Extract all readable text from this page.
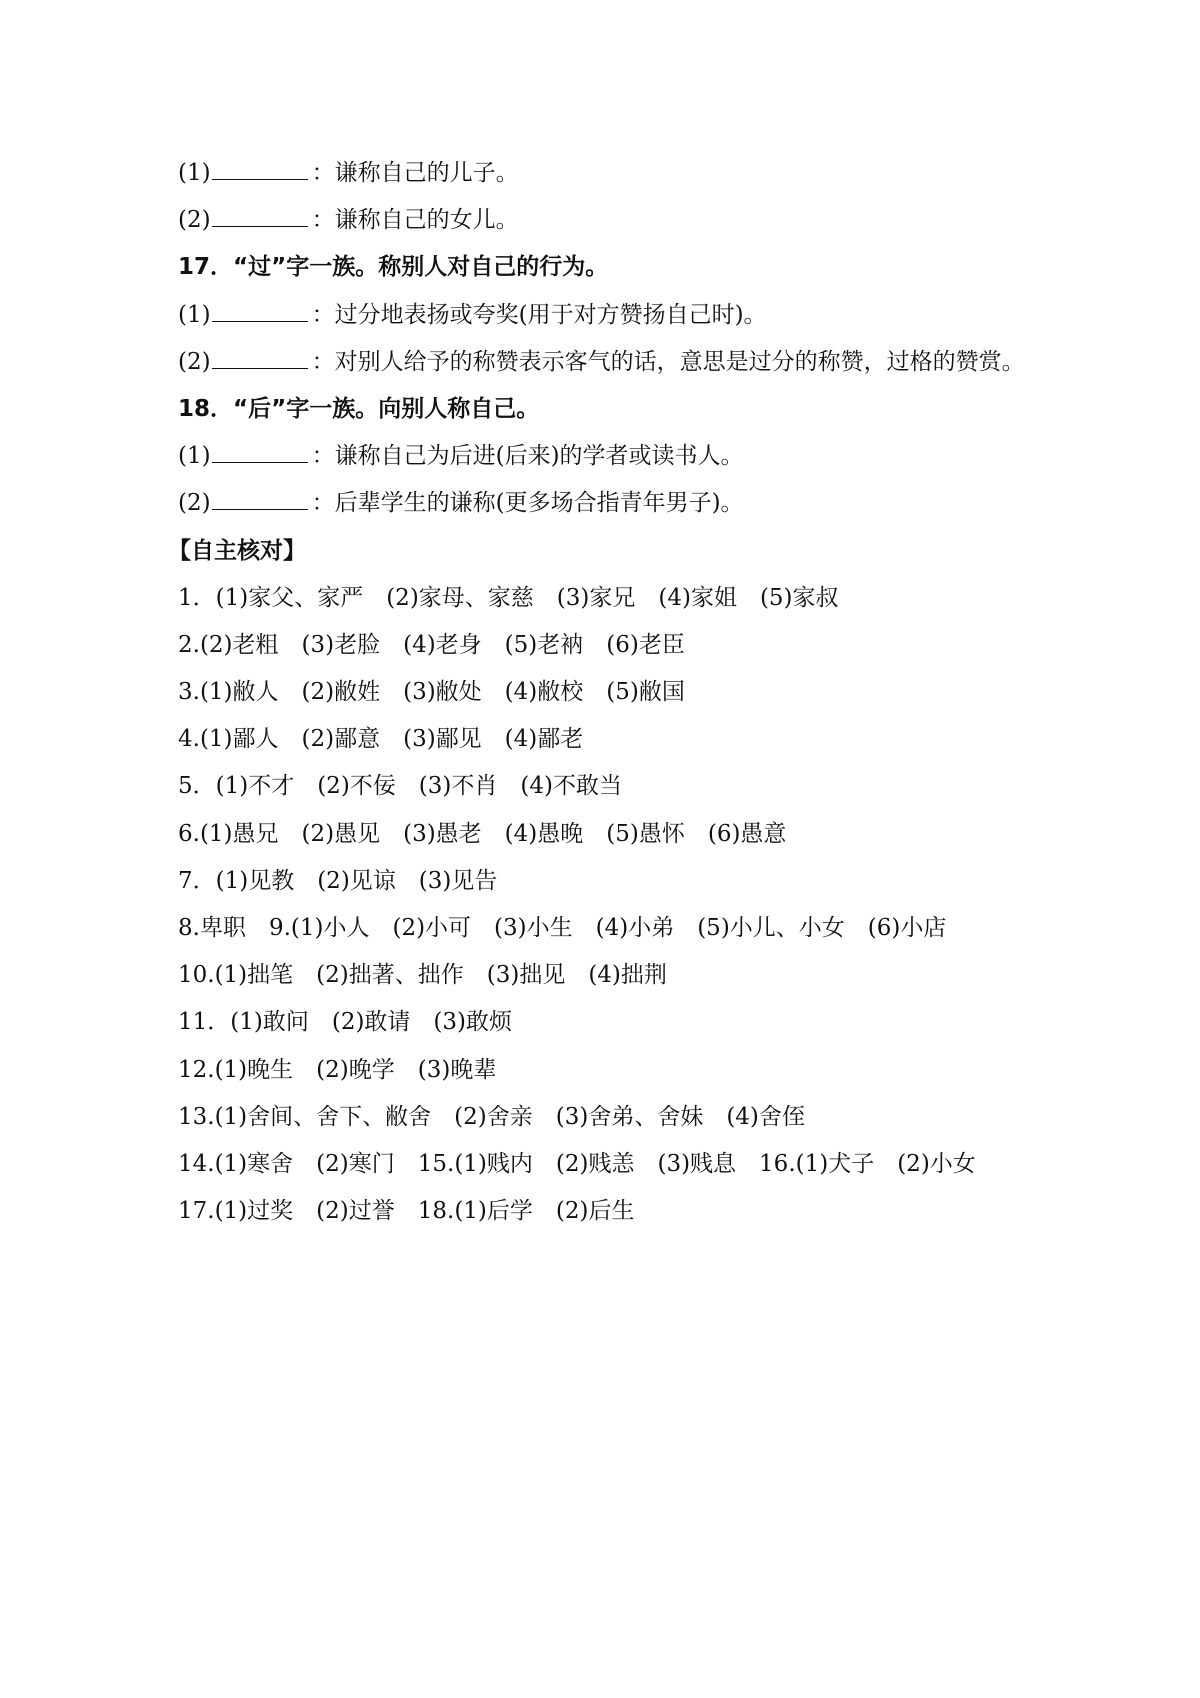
(1)	：谦称自己的儿子。
(2)	：谦称自己的女儿。
17．“过”字一族。称别人对自己的行为。
(1)	：过分地表扬或夸奖(用于对方赞扬自己时)。
(2)	：对别人给予的称赞表示客气的话，意思是过分的称赞，过格的赞赏。
18．“后”字一族。向别人称自己。
(1)	：谦称自己为后进(后来)的学者或读书人。
(2)	：后辈学生的谦称(更多场合指青年男子)。
【自主核对】
1．(1)家父、家严　(2)家母、家慈　(3)家兄　(4)家姐　(5)家叔
2.(2)老粗　(3)老脸　(4)老身　(5)老衲　(6)老臣
3.(1)敝人　(2)敝姓　(3)敝处　(4)敝校　(5)敝国
4.(1)鄙人　(2)鄙意　(3)鄙见　(4)鄙老
5．(1)不才　(2)不佞　(3)不肖　(4)不敢当
6.(1)愚兄　(2)愚见　(3)愚老　(4)愚晚　(5)愚怀　(6)愚意
7．(1)见教　(2)见谅　(3)见告
8.卑职　9.(1)小人　(2)小可　(3)小生　(4)小弟　(5)小儿、小女　(6)小店
10.(1)拙笔　(2)拙著、拙作　(3)拙见　(4)拙荆
11．(1)敢问　(2)敢请　(3)敢烦
12.(1)晚生　(2)晚学　(3)晚辈
13.(1)舍间、舍下、敝舍　(2)舍亲　(3)舍弟、舍妹　(4)舍侄
14.(1)寒舍　(2)寒门　15.(1)贱内　(2)贱恙　(3)贱息　16.(1)犬子　(2)小女
17.(1)过奖　(2)过誉　18.(1)后学　(2)后生
